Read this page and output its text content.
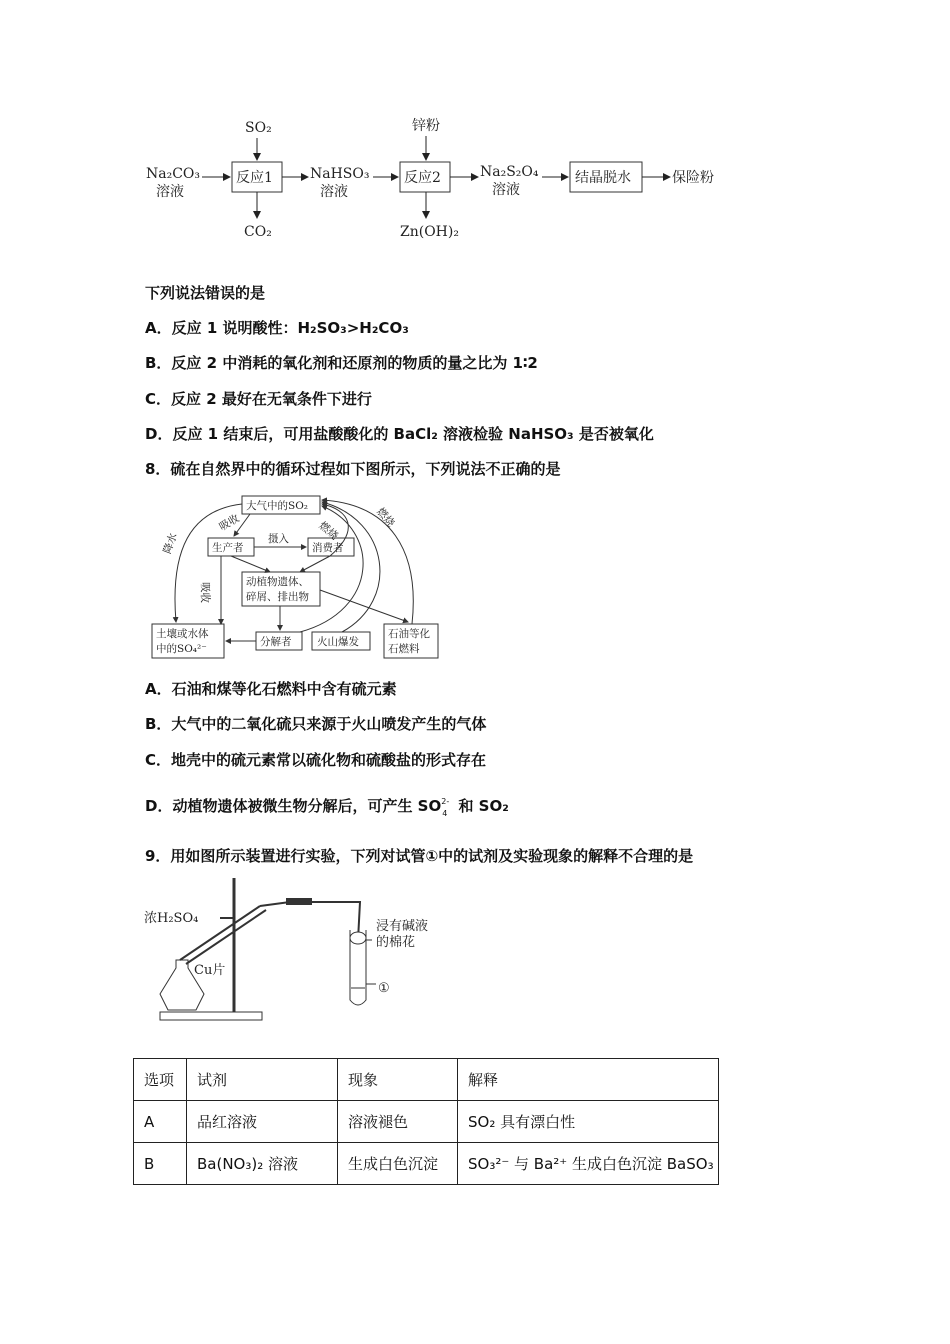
SO₂	锌粉
Na₂CO₃
溶液
反应1	NaHSO₃
溶液
反应2	Na₂S₂O₄
溶液
结晶脱水	保险粉
CO₂	Zn(OH)₂
下列说法错误的是
A．反应 1 说明酸性：H₂SO₃>H₂CO₃
B．反应 2 中消耗的氧化剂和还原剂的物质的量之比为 1∶2
C．反应 2 最好在无氧条件下进行
D．反应 1 结束后，可用盐酸酸化的 BaCl₂ 溶液检验 NaHSO₃ 是否被氧化
8．硫在自然界中的循环过程如下图所示，下列说法不正确的是
大气中的SO₂
生产者	消费者
动植物遗体、
碎屑、排出物
土壤或水体
中的SO₄²⁻
分解者 火山爆发
石油等化
石燃料
降水
吸收
吸收
摄入	燃烧
燃烧
A．石油和煤等化石燃料中含有硫元素
B．大气中的二氧化硫只来源于火山喷发产生的气体
C．地壳中的硫元素常以硫化物和硫酸盐的形式存在
D．动植物遗体被微生物分解后，可产生 SO 2-
4 和 SO₂
9．用如图所示装置进行实验，下列对试管①中的试剂及实验现象的解释不合理的是
浓H₂SO₄
Cu片
浸有碱液
的棉花
①
选项	试剂	现象	解释
A	品红溶液	溶液褪色	SO₂ 具有漂白性
B	Ba(NO₃)₂ 溶液	生成白色沉淀	SO₃²⁻ 与 Ba²⁺ 生成白色沉淀 BaSO₃
